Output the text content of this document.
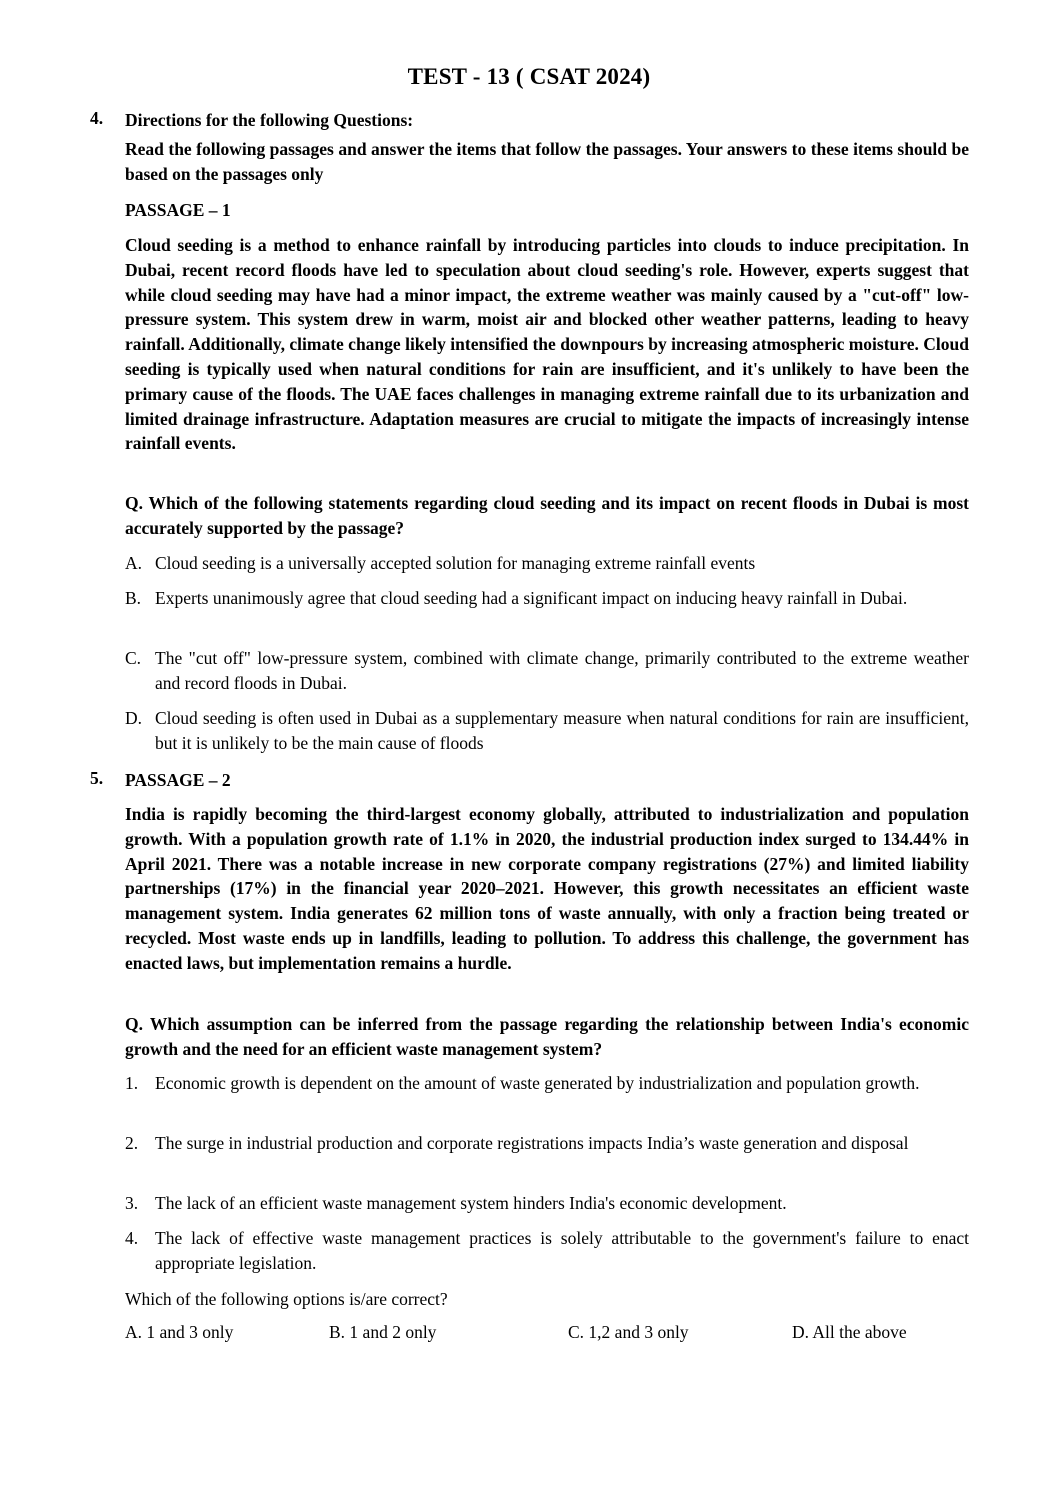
TEST - 13 ( CSAT 2024)
4. Directions for the following Questions:
Read the following passages and answer the items that follow the passages. Your answers to these items should be based on the passages only
PASSAGE – 1
Cloud seeding is a method to enhance rainfall by introducing particles into clouds to induce precipitation. In Dubai, recent record floods have led to speculation about cloud seeding's role. However, experts suggest that while cloud seeding may have had a minor impact, the extreme weather was mainly caused by a "cut-off" low-pressure system. This system drew in warm, moist air and blocked other weather patterns, leading to heavy rainfall. Additionally, climate change likely intensified the downpours by increasing atmospheric moisture. Cloud seeding is typically used when natural conditions for rain are insufficient, and it's unlikely to have been the primary cause of the floods. The UAE faces challenges in managing extreme rainfall due to its urbanization and limited drainage infrastructure. Adaptation measures are crucial to mitigate the impacts of increasingly intense rainfall events.
Q. Which of the following statements regarding cloud seeding and its impact on recent floods in Dubai is most accurately supported by the passage?
A. Cloud seeding is a universally accepted solution for managing extreme rainfall events
B. Experts unanimously agree that cloud seeding had a significant impact on inducing heavy rainfall in Dubai.
C. The "cut off" low-pressure system, combined with climate change, primarily contributed to the extreme weather and record floods in Dubai.
D. Cloud seeding is often used in Dubai as a supplementary measure when natural conditions for rain are insufficient, but it is unlikely to be the main cause of floods
5. PASSAGE – 2
India is rapidly becoming the third-largest economy globally, attributed to industrialization and population growth. With a population growth rate of 1.1% in 2020, the industrial production index surged to 134.44% in April 2021. There was a notable increase in new corporate company registrations (27%) and limited liability partnerships (17%) in the financial year 2020–2021. However, this growth necessitates an efficient waste management system. India generates 62 million tons of waste annually, with only a fraction being treated or recycled. Most waste ends up in landfills, leading to pollution. To address this challenge, the government has enacted laws, but implementation remains a hurdle.
Q. Which assumption can be inferred from the passage regarding the relationship between India's economic growth and the need for an efficient waste management system?
1. Economic growth is dependent on the amount of waste generated by industrialization and population growth.
2. The surge in industrial production and corporate registrations impacts India’s waste generation and disposal
3. The lack of an efficient waste management system hinders India's economic development.
4. The lack of effective waste management practices is solely attributable to the government's failure to enact appropriate legislation.
Which of the following options is/are correct?
A. 1 and 3 only	B. 1 and 2 only	C. 1,2 and 3 only	D. All the above
